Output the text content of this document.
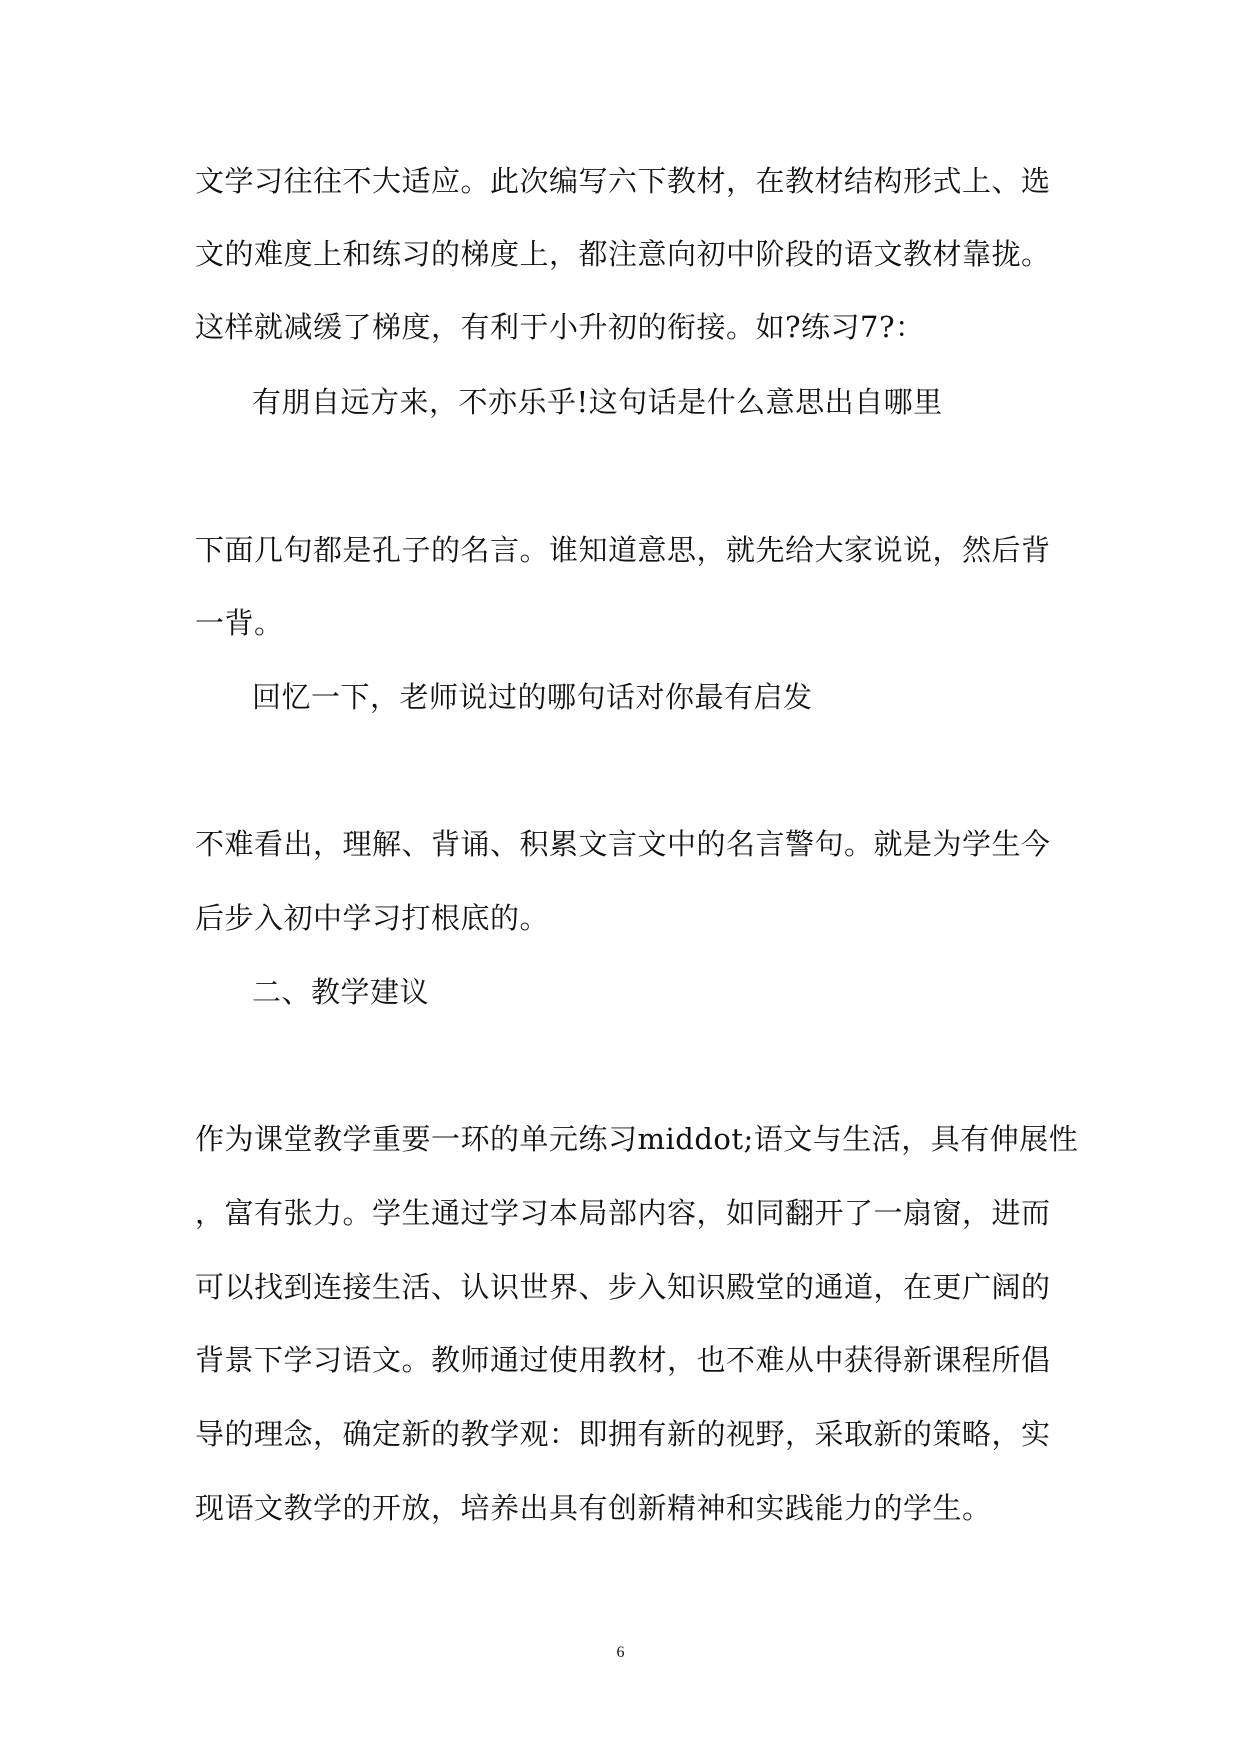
文学习往往不大适应。此次编写六下教材，在教材结构形式上、选
文的难度上和练习的梯度上，都注意向初中阶段的语文教材靠拢。
这样就减缓了梯度，有利于小升初的衔接。如?练习7?：
有朋自远方来，不亦乐乎!这句话是什么意思出自哪里
下面几句都是孔子的名言。谁知道意思，就先给大家说说，然后背
一背。
回忆一下，老师说过的哪句话对你最有启发
不难看出，理解、背诵、积累文言文中的名言警句。就是为学生今
后步入初中学习打根底的。
二、教学建议
作为课堂教学重要一环的单元练习middot;语文与生活，具有伸展性
，富有张力。学生通过学习本局部内容，如同翻开了一扇窗，进而
可以找到连接生活、认识世界、步入知识殿堂的通道，在更广阔的
背景下学习语文。教师通过使用教材，也不难从中获得新课程所倡
导的理念，确定新的教学观：即拥有新的视野，采取新的策略，实
现语文教学的开放，培养出具有创新精神和实践能力的学生。
6
